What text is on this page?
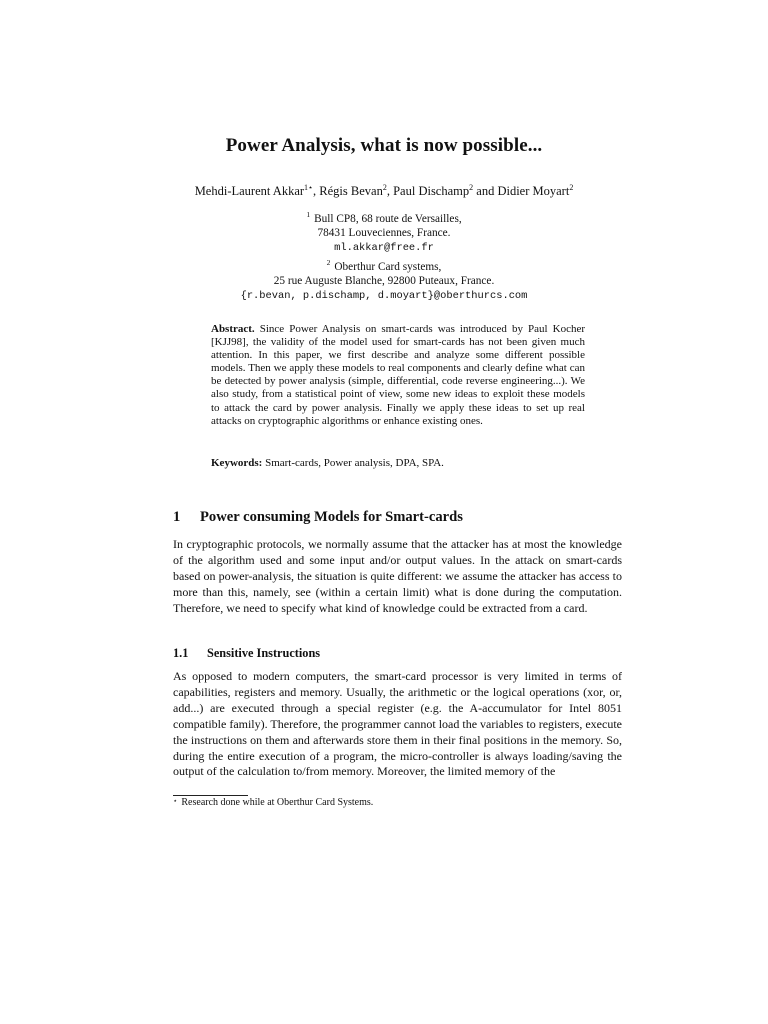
Power Analysis, what is now possible...
Mehdi-Laurent Akkar$^{1⋆}$, Régis Bevan$^2$, Paul Dischamp$^2$ and Didier Moyart$^2$
$^1$ Bull CP8, 68 route de Versailles,
78431 Louveciennes, France.
ml.akkar@free.fr
$^2$ Oberthur Card systems,
25 rue Auguste Blanche, 92800 Puteaux, France.
{r.bevan, p.dischamp, d.moyart}@oberthurcs.com
Abstract. Since Power Analysis on smart-cards was introduced by Paul Kocher [KJJ98], the validity of the model used for smart-cards has not been given much attention. In this paper, we first describe and analyze some different possible models. Then we apply these models to real components and clearly define what can be detected by power analysis (simple, differential, code reverse engineering...). We also study, from a statistical point of view, some new ideas to exploit these models to attack the card by power analysis. Finally we apply these ideas to set up real attacks on cryptographic algorithms or enhance existing ones.
Keywords: Smart-cards, Power analysis, DPA, SPA.
1 Power consuming Models for Smart-cards
In cryptographic protocols, we normally assume that the attacker has at most the knowledge of the algorithm used and some input and/or output values. In the attack on smart-cards based on power-analysis, the situation is quite different: we assume the attacker has access to more than this, namely, see (within a certain limit) what is done during the computation. Therefore, we need to specify what kind of knowledge could be extracted from a card.
1.1 Sensitive Instructions
As opposed to modern computers, the smart-card processor is very limited in terms of capabilities, registers and memory. Usually, the arithmetic or the logical operations (xor, or, add...) are executed through a special register (e.g. the A-accumulator for Intel 8051 compatible family). Therefore, the programmer cannot load the variables to registers, execute the instructions on them and afterwards store them in their final positions in the memory. So, during the entire execution of a program, the micro-controller is always loading/saving the output of the calculation to/from memory. Moreover, the limited memory of the
⋆ Research done while at Oberthur Card Systems.
